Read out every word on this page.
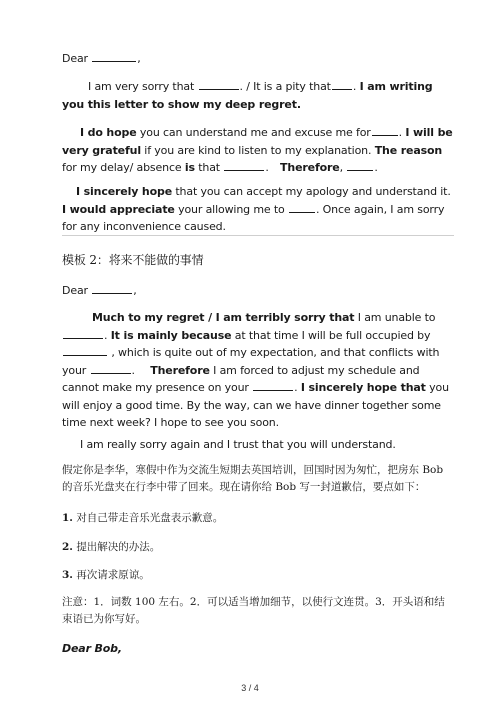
Dear	,

I am very sorry that	. / It is a pity that . I am writing you this letter to show my deep regret.

I do hope you can understand me and excuse me for	. I will be very grateful if you are kind to listen to my explanation. The reason for my delay/ absence is that	. Therefore,	.

I sincerely hope that you can accept my apology and understand it. I would appreciate your allowing me to	. Once again, I am sorry for any inconvenience caused.

模板 2：将来不能做的事情

Dear	,

Much to my regret / I am terribly sorry that I am unable to . It is mainly because at that time I will be full occupied by  , which is quite out of my expectation, and that conflicts with your	. Therefore I am forced to adjust my schedule and cannot make my presence on your	. I sincerely hope that you will enjoy a good time. By the way, can we have dinner together some time next week? I hope to see you soon.

I am really sorry again and I trust that you will understand.

假定你是李华，寒假中作为交流生短期去英国培训，回国时因为匆忙，把房东 Bob 的音乐光盘夹在行李中带了回来。现在请你给 Bob 写一封道歉信，要点如下：

1. 对自己带走音乐光盘表示歉意。

2. 提出解决的办法。

3. 再次请求原谅。

注意：1．词数 100 左右。2．可以适当增加细节，以使行文连贯。3．开头语和结束语已为你写好。

Dear Bob,

3 / 4
